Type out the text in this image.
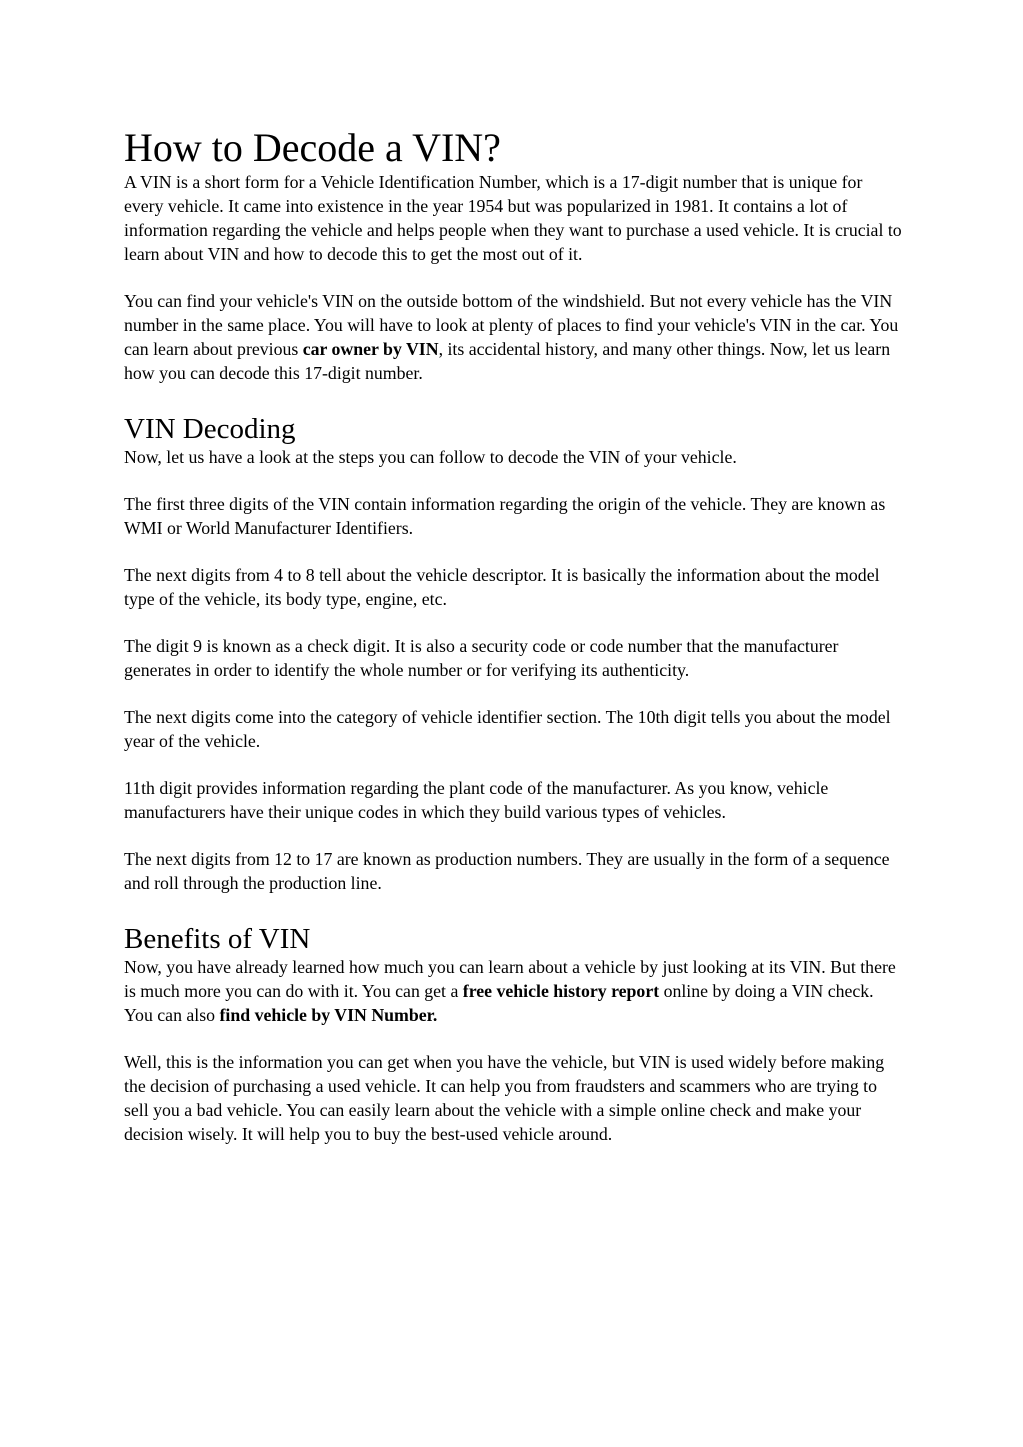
How to Decode a VIN?

A VIN is a short form for a Vehicle Identification Number, which is a 17-digit number that is unique for every vehicle. It came into existence in the year 1954 but was popularized in 1981. It contains a lot of information regarding the vehicle and helps people when they want to purchase a used vehicle. It is crucial to learn about VIN and how to decode this to get the most out of it.

You can find your vehicle's VIN on the outside bottom of the windshield. But not every vehicle has the VIN number in the same place. You will have to look at plenty of places to find your vehicle's VIN in the car. You can learn about previous car owner by VIN, its accidental history, and many other things. Now, let us learn how you can decode this 17-digit number.

VIN Decoding

Now, let us have a look at the steps you can follow to decode the VIN of your vehicle.

The first three digits of the VIN contain information regarding the origin of the vehicle. They are known as WMI or World Manufacturer Identifiers.

The next digits from 4 to 8 tell about the vehicle descriptor. It is basically the information about the model type of the vehicle, its body type, engine, etc.

The digit 9 is known as a check digit. It is also a security code or code number that the manufacturer generates in order to identify the whole number or for verifying its authenticity.

The next digits come into the category of vehicle identifier section. The 10th digit tells you about the model year of the vehicle.

11th digit provides information regarding the plant code of the manufacturer. As you know, vehicle manufacturers have their unique codes in which they build various types of vehicles.

The next digits from 12 to 17 are known as production numbers. They are usually in the form of a sequence and roll through the production line.

Benefits of VIN

Now, you have already learned how much you can learn about a vehicle by just looking at its VIN. But there is much more you can do with it. You can get a free vehicle history report online by doing a VIN check. You can also find vehicle by VIN Number.

Well, this is the information you can get when you have the vehicle, but VIN is used widely before making the decision of purchasing a used vehicle. It can help you from fraudsters and scammers who are trying to sell you a bad vehicle. You can easily learn about the vehicle with a simple online check and make your decision wisely. It will help you to buy the best-used vehicle around.
